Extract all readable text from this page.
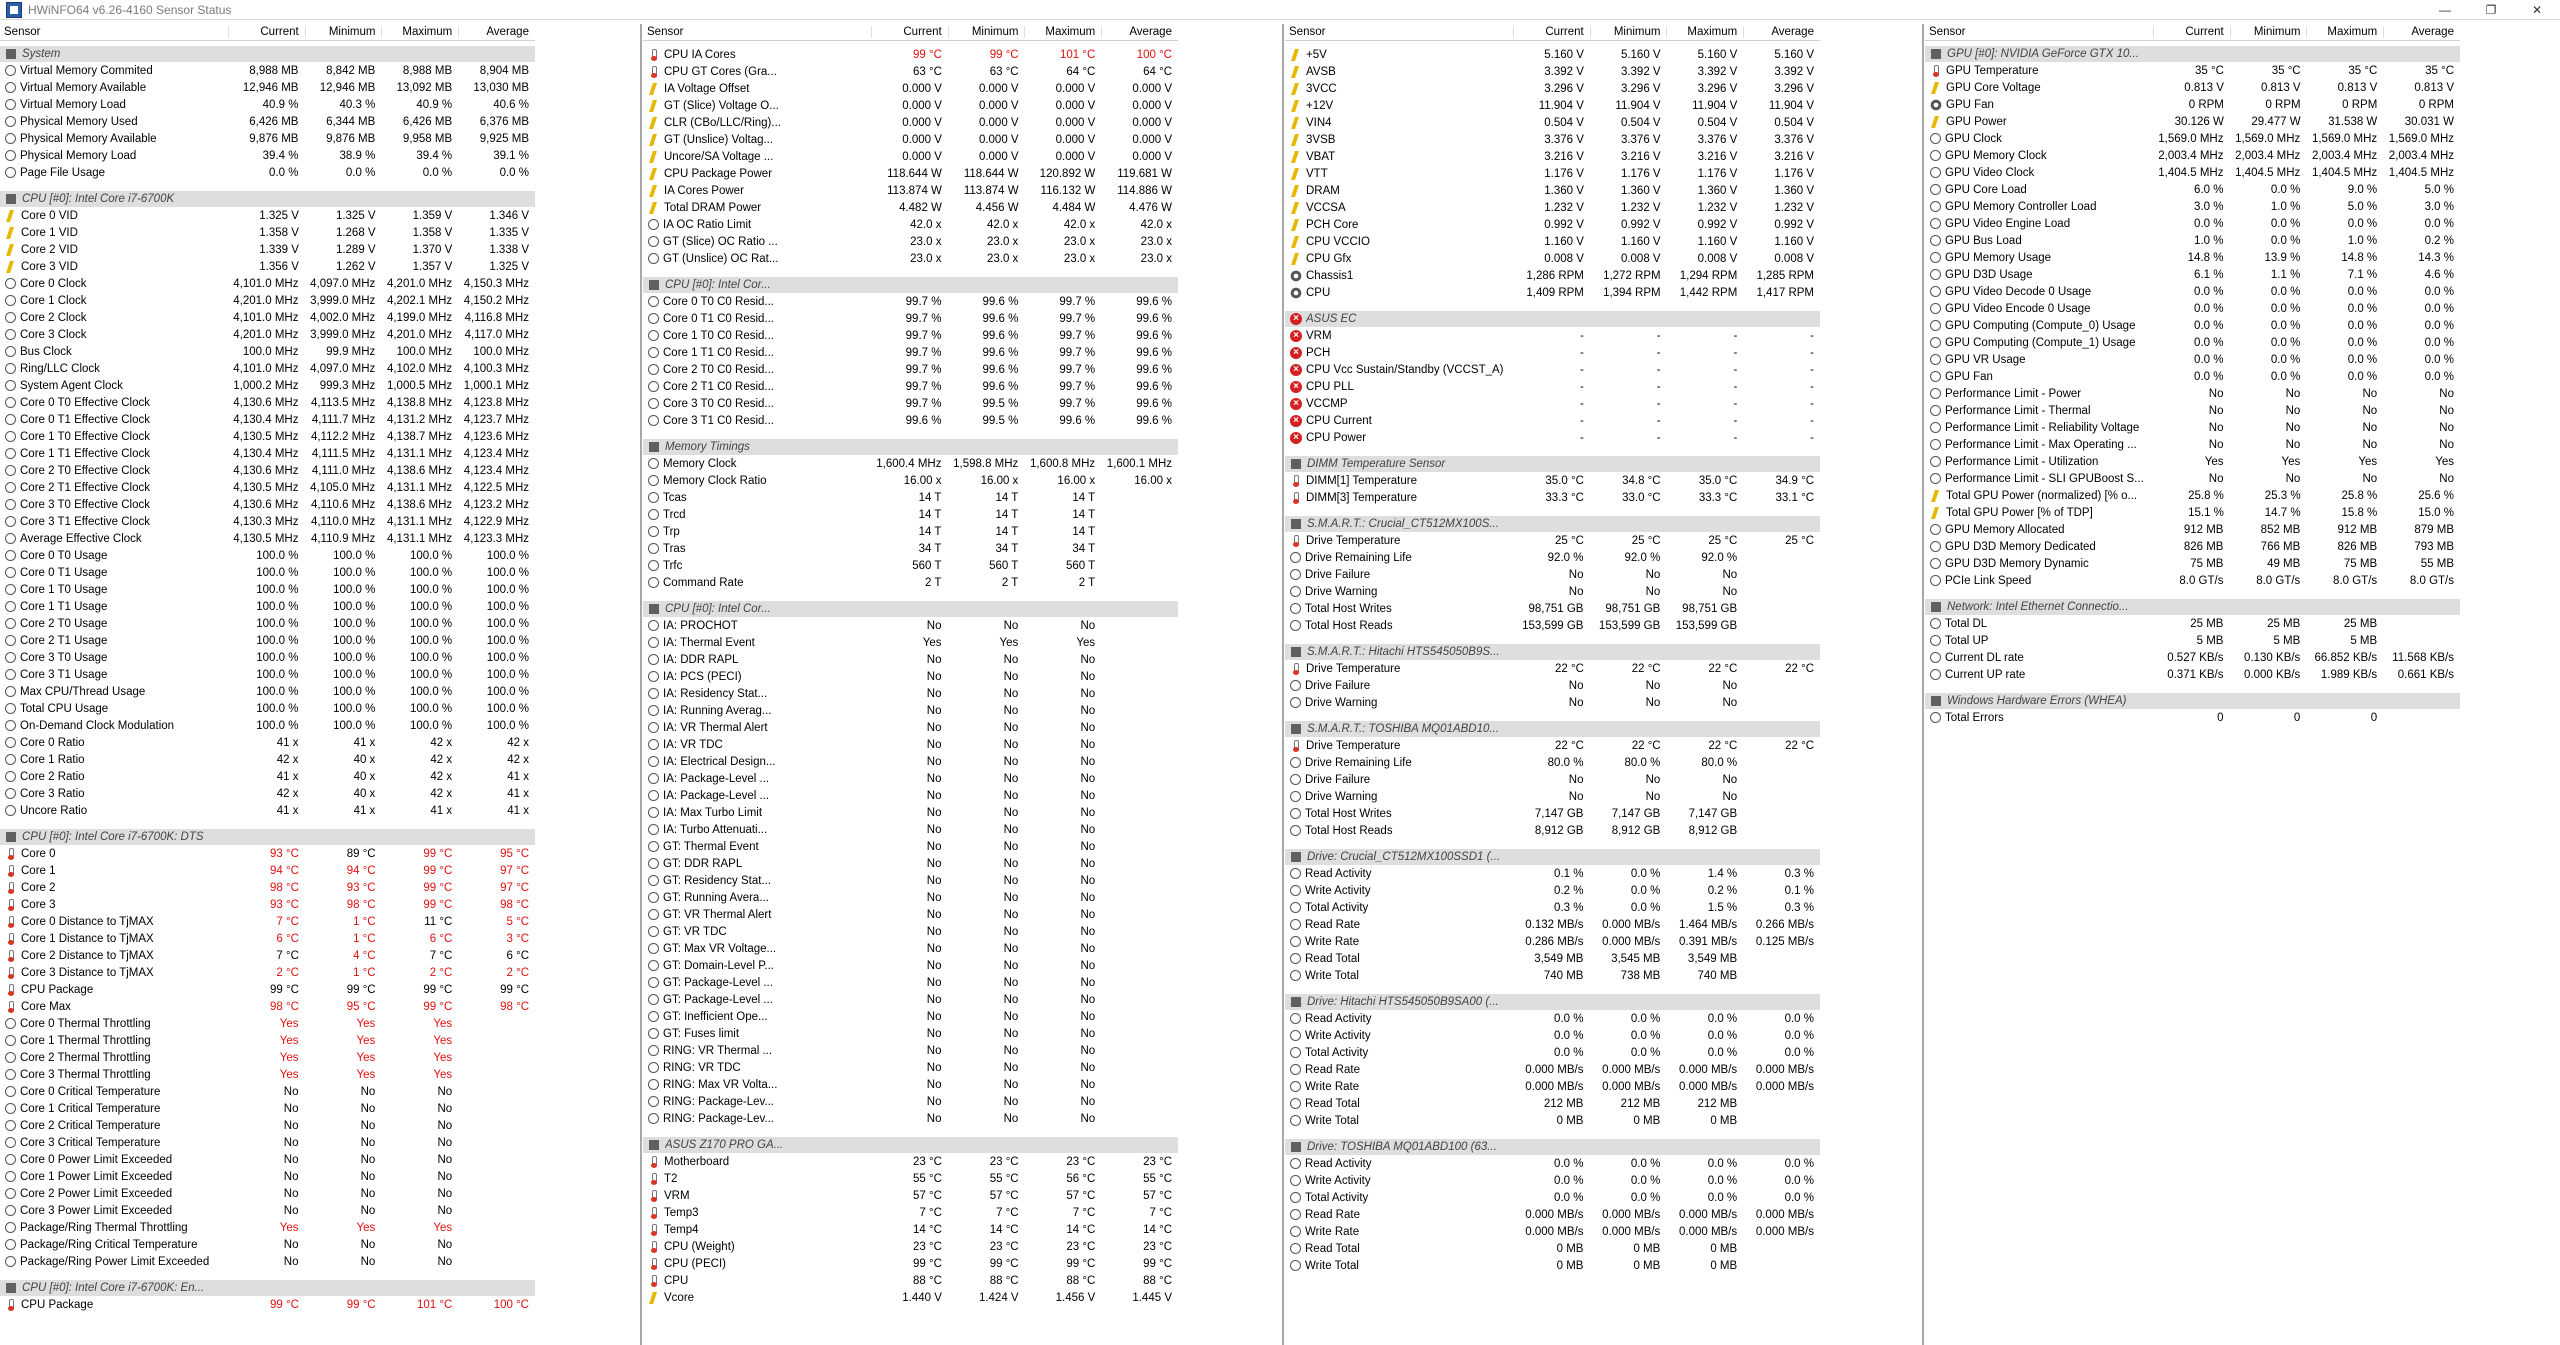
HWiNFO64 v6.26-4160 Sensor Status	—	❐	✕
Sensor	Current	Minimum	Maximum	Average
System
Virtual Memory Commited	8,988 MB	8,842 MB	8,988 MB	8,904 MB
Virtual Memory Available	12,946 MB	12,946 MB	13,092 MB	13,030 MB
Virtual Memory Load	40.9 %	40.3 %	40.9 %	40.6 %
Physical Memory Used	6,426 MB	6,344 MB	6,426 MB	6,376 MB
Physical Memory Available	9,876 MB	9,876 MB	9,958 MB	9,925 MB
Physical Memory Load	39.4 %	38.9 %	39.4 %	39.1 %
Page File Usage	0.0 %	0.0 %	0.0 %	0.0 %
CPU [#0]: Intel Core i7-6700K
Core 0 VID	1.325 V	1.325 V	1.359 V	1.346 V
Core 1 VID	1.358 V	1.268 V	1.358 V	1.335 V
Core 2 VID	1.339 V	1.289 V	1.370 V	1.338 V
Core 3 VID	1.356 V	1.262 V	1.357 V	1.325 V
Core 0 Clock	4,101.0 MHz	4,097.0 MHz	4,201.0 MHz	4,150.3 MHz
Core 1 Clock	4,201.0 MHz	3,999.0 MHz	4,202.1 MHz	4,150.2 MHz
Core 2 Clock	4,101.0 MHz	4,002.0 MHz	4,199.0 MHz	4,116.8 MHz
Core 3 Clock	4,201.0 MHz	3,999.0 MHz	4,201.0 MHz	4,117.0 MHz
Bus Clock	100.0 MHz	99.9 MHz	100.0 MHz	100.0 MHz
Ring/LLC Clock	4,101.0 MHz	4,097.0 MHz	4,102.0 MHz	4,100.3 MHz
System Agent Clock	1,000.2 MHz	999.3 MHz	1,000.5 MHz	1,000.1 MHz
Core 0 T0 Effective Clock	4,130.6 MHz	4,113.5 MHz	4,138.8 MHz	4,123.8 MHz
Core 0 T1 Effective Clock	4,130.4 MHz	4,111.7 MHz	4,131.2 MHz	4,123.7 MHz
Core 1 T0 Effective Clock	4,130.5 MHz	4,112.2 MHz	4,138.7 MHz	4,123.6 MHz
Core 1 T1 Effective Clock	4,130.4 MHz	4,111.5 MHz	4,131.1 MHz	4,123.4 MHz
Core 2 T0 Effective Clock	4,130.6 MHz	4,111.0 MHz	4,138.6 MHz	4,123.4 MHz
Core 2 T1 Effective Clock	4,130.5 MHz	4,105.0 MHz	4,131.1 MHz	4,122.5 MHz
Core 3 T0 Effective Clock	4,130.6 MHz	4,110.6 MHz	4,138.6 MHz	4,123.2 MHz
Core 3 T1 Effective Clock	4,130.3 MHz	4,110.0 MHz	4,131.1 MHz	4,122.9 MHz
Average Effective Clock	4,130.5 MHz	4,110.9 MHz	4,131.1 MHz	4,123.3 MHz
Core 0 T0 Usage	100.0 %	100.0 %	100.0 %	100.0 %
Core 0 T1 Usage	100.0 %	100.0 %	100.0 %	100.0 %
Core 1 T0 Usage	100.0 %	100.0 %	100.0 %	100.0 %
Core 1 T1 Usage	100.0 %	100.0 %	100.0 %	100.0 %
Core 2 T0 Usage	100.0 %	100.0 %	100.0 %	100.0 %
Core 2 T1 Usage	100.0 %	100.0 %	100.0 %	100.0 %
Core 3 T0 Usage	100.0 %	100.0 %	100.0 %	100.0 %
Core 3 T1 Usage	100.0 %	100.0 %	100.0 %	100.0 %
Max CPU/Thread Usage	100.0 %	100.0 %	100.0 %	100.0 %
Total CPU Usage	100.0 %	100.0 %	100.0 %	100.0 %
On-Demand Clock Modulation	100.0 %	100.0 %	100.0 %	100.0 %
Core 0 Ratio	41 x	41 x	42 x	42 x
Core 1 Ratio	42 x	40 x	42 x	42 x
Core 2 Ratio	41 x	40 x	42 x	41 x
Core 3 Ratio	42 x	40 x	42 x	41 x
Uncore Ratio	41 x	41 x	41 x	41 x
CPU [#0]: Intel Core i7-6700K: DTS
Core 0	93 °C	89 °C	99 °C	95 °C
Core 1	94 °C	94 °C	99 °C	97 °C
Core 2	98 °C	93 °C	99 °C	97 °C
Core 3	93 °C	98 °C	99 °C	98 °C
Core 0 Distance to TjMAX	7 °C	1 °C	11 °C	5 °C
Core 1 Distance to TjMAX	6 °C	1 °C	6 °C	3 °C
Core 2 Distance to TjMAX	7 °C	4 °C	7 °C	6 °C
Core 3 Distance to TjMAX	2 °C	1 °C	2 °C	2 °C
CPU Package	99 °C	99 °C	99 °C	99 °C
Core Max	98 °C	95 °C	99 °C	98 °C
Core 0 Thermal Throttling	Yes	Yes	Yes
Core 1 Thermal Throttling	Yes	Yes	Yes
Core 2 Thermal Throttling	Yes	Yes	Yes
Core 3 Thermal Throttling	Yes	Yes	Yes
Core 0 Critical Temperature	No	No	No
Core 1 Critical Temperature	No	No	No
Core 2 Critical Temperature	No	No	No
Core 3 Critical Temperature	No	No	No
Core 0 Power Limit Exceeded	No	No	No
Core 1 Power Limit Exceeded	No	No	No
Core 2 Power Limit Exceeded	No	No	No
Core 3 Power Limit Exceeded	No	No	No
Package/Ring Thermal Throttling	Yes	Yes	Yes
Package/Ring Critical Temperature	No	No	No
Package/Ring Power Limit Exceeded	No	No	No
CPU [#0]: Intel Core i7-6700K: En...
CPU Package	99 °C	99 °C	101 °C	100 °C
Sensor	Current	Minimum	Maximum	Average
CPU IA Cores	99 °C	99 °C	101 °C	100 °C
CPU GT Cores (Gra...	63 °C	63 °C	64 °C	64 °C
IA Voltage Offset	0.000 V	0.000 V	0.000 V	0.000 V
GT (Slice) Voltage O...	0.000 V	0.000 V	0.000 V	0.000 V
CLR (CBo/LLC/Ring)...	0.000 V	0.000 V	0.000 V	0.000 V
GT (Unslice) Voltag...	0.000 V	0.000 V	0.000 V	0.000 V
Uncore/SA Voltage ...	0.000 V	0.000 V	0.000 V	0.000 V
CPU Package Power	118.644 W	118.644 W	120.892 W	119.681 W
IA Cores Power	113.874 W	113.874 W	116.132 W	114.886 W
Total DRAM Power	4.482 W	4.456 W	4.484 W	4.476 W
IA OC Ratio Limit	42.0 x	42.0 x	42.0 x	42.0 x
GT (Slice) OC Ratio ...	23.0 x	23.0 x	23.0 x	23.0 x
GT (Unslice) OC Rat...	23.0 x	23.0 x	23.0 x	23.0 x
CPU [#0]: Intel Cor...
Core 0 T0 C0 Resid...	99.7 %	99.6 %	99.7 %	99.6 %
Core 0 T1 C0 Resid...	99.7 %	99.6 %	99.7 %	99.6 %
Core 1 T0 C0 Resid...	99.7 %	99.6 %	99.7 %	99.6 %
Core 1 T1 C0 Resid...	99.7 %	99.6 %	99.7 %	99.6 %
Core 2 T0 C0 Resid...	99.7 %	99.6 %	99.7 %	99.6 %
Core 2 T1 C0 Resid...	99.7 %	99.6 %	99.7 %	99.6 %
Core 3 T0 C0 Resid...	99.7 %	99.5 %	99.7 %	99.6 %
Core 3 T1 C0 Resid...	99.6 %	99.5 %	99.6 %	99.6 %
Memory Timings
Memory Clock	1,600.4 MHz	1,598.8 MHz	1,600.8 MHz	1,600.1 MHz
Memory Clock Ratio	16.00 x	16.00 x	16.00 x	16.00 x
Tcas	14 T	14 T	14 T
Trcd	14 T	14 T	14 T
Trp	14 T	14 T	14 T
Tras	34 T	34 T	34 T
Trfc	560 T	560 T	560 T
Command Rate	2 T	2 T	2 T
CPU [#0]: Intel Cor...
IA: PROCHOT	No	No	No
IA: Thermal Event	Yes	Yes	Yes
IA: DDR RAPL	No	No	No
IA: PCS (PECI)	No	No	No
IA: Residency Stat...	No	No	No
IA: Running Averag...	No	No	No
IA: VR Thermal Alert	No	No	No
IA: VR TDC	No	No	No
IA: Electrical Design...	No	No	No
IA: Package-Level ...	No	No	No
IA: Package-Level ...	No	No	No
IA: Max Turbo Limit	No	No	No
IA: Turbo Attenuati...	No	No	No
GT: Thermal Event	No	No	No
GT: DDR RAPL	No	No	No
GT: Residency Stat...	No	No	No
GT: Running Avera...	No	No	No
GT: VR Thermal Alert	No	No	No
GT: VR TDC	No	No	No
GT: Max VR Voltage...	No	No	No
GT: Domain-Level P...	No	No	No
GT: Package-Level ...	No	No	No
GT: Package-Level ...	No	No	No
GT: Inefficient Ope...	No	No	No
GT: Fuses limit	No	No	No
RING: VR Thermal ...	No	No	No
RING: VR TDC	No	No	No
RING: Max VR Volta...	No	No	No
RING: Package-Lev...	No	No	No
RING: Package-Lev...	No	No	No
ASUS Z170 PRO GA...
Motherboard	23 °C	23 °C	23 °C	23 °C
T2	55 °C	55 °C	56 °C	55 °C
VRM	57 °C	57 °C	57 °C	57 °C
Temp3	7 °C	7 °C	7 °C	7 °C
Temp4	14 °C	14 °C	14 °C	14 °C
CPU (Weight)	23 °C	23 °C	23 °C	23 °C
CPU (PECI)	99 °C	99 °C	99 °C	99 °C
CPU	88 °C	88 °C	88 °C	88 °C
Vcore	1.440 V	1.424 V	1.456 V	1.445 V
Sensor	Current	Minimum	Maximum	Average
+5V	5.160 V	5.160 V	5.160 V	5.160 V
AVSB	3.392 V	3.392 V	3.392 V	3.392 V
3VCC	3.296 V	3.296 V	3.296 V	3.296 V
+12V	11.904 V	11.904 V	11.904 V	11.904 V
VIN4	0.504 V	0.504 V	0.504 V	0.504 V
3VSB	3.376 V	3.376 V	3.376 V	3.376 V
VBAT	3.216 V	3.216 V	3.216 V	3.216 V
VTT	1.176 V	1.176 V	1.176 V	1.176 V
DRAM	1.360 V	1.360 V	1.360 V	1.360 V
VCCSA	1.232 V	1.232 V	1.232 V	1.232 V
PCH Core	0.992 V	0.992 V	0.992 V	0.992 V
CPU VCCIO	1.160 V	1.160 V	1.160 V	1.160 V
CPU Gfx	0.008 V	0.008 V	0.008 V	0.008 V
Chassis1	1,286 RPM	1,272 RPM	1,294 RPM	1,285 RPM
CPU	1,409 RPM	1,394 RPM	1,442 RPM	1,417 RPM
× ASUS EC
× VRM	-	-	-	-
× PCH	-	-	-	-
× CPU Vcc Sustain/Standby (VCCST_A)	-	-	-	-
× CPU PLL	-	-	-	-
× VCCMP	-	-	-	-
× CPU Current	-	-	-	-
× CPU Power	-	-	-	-
DIMM Temperature Sensor
DIMM[1] Temperature	35.0 °C	34.8 °C	35.0 °C	34.9 °C
DIMM[3] Temperature	33.3 °C	33.0 °C	33.3 °C	33.1 °C
S.M.A.R.T.: Crucial_CT512MX100S...
Drive Temperature	25 °C	25 °C	25 °C	25 °C
Drive Remaining Life	92.0 %	92.0 %	92.0 %
Drive Failure	No	No	No
Drive Warning	No	No	No
Total Host Writes	98,751 GB	98,751 GB	98,751 GB
Total Host Reads	153,599 GB	153,599 GB	153,599 GB
S.M.A.R.T.: Hitachi HTS545050B9S...
Drive Temperature	22 °C	22 °C	22 °C	22 °C
Drive Failure	No	No	No
Drive Warning	No	No	No
S.M.A.R.T.: TOSHIBA MQ01ABD10...
Drive Temperature	22 °C	22 °C	22 °C	22 °C
Drive Remaining Life	80.0 %	80.0 %	80.0 %
Drive Failure	No	No	No
Drive Warning	No	No	No
Total Host Writes	7,147 GB	7,147 GB	7,147 GB
Total Host Reads	8,912 GB	8,912 GB	8,912 GB
Drive: Crucial_CT512MX100SSD1 (...
Read Activity	0.1 %	0.0 %	1.4 %	0.3 %
Write Activity	0.2 %	0.0 %	0.2 %	0.1 %
Total Activity	0.3 %	0.0 %	1.5 %	0.3 %
Read Rate	0.132 MB/s	0.000 MB/s	1.464 MB/s	0.266 MB/s
Write Rate	0.286 MB/s	0.000 MB/s	0.391 MB/s	0.125 MB/s
Read Total	3,549 MB	3,545 MB	3,549 MB
Write Total	740 MB	738 MB	740 MB
Drive: Hitachi HTS545050B9SA00 (...
Read Activity	0.0 %	0.0 %	0.0 %	0.0 %
Write Activity	0.0 %	0.0 %	0.0 %	0.0 %
Total Activity	0.0 %	0.0 %	0.0 %	0.0 %
Read Rate	0.000 MB/s	0.000 MB/s	0.000 MB/s	0.000 MB/s
Write Rate	0.000 MB/s	0.000 MB/s	0.000 MB/s	0.000 MB/s
Read Total	212 MB	212 MB	212 MB
Write Total	0 MB	0 MB	0 MB
Drive: TOSHIBA MQ01ABD100 (63...
Read Activity	0.0 %	0.0 %	0.0 %	0.0 %
Write Activity	0.0 %	0.0 %	0.0 %	0.0 %
Total Activity	0.0 %	0.0 %	0.0 %	0.0 %
Read Rate	0.000 MB/s	0.000 MB/s	0.000 MB/s	0.000 MB/s
Write Rate	0.000 MB/s	0.000 MB/s	0.000 MB/s	0.000 MB/s
Read Total	0 MB	0 MB	0 MB
Write Total	0 MB	0 MB	0 MB
Sensor	Current	Minimum	Maximum	Average
GPU [#0]: NVIDIA GeForce GTX 10...
GPU Temperature	35 °C	35 °C	35 °C	35 °C
GPU Core Voltage	0.813 V	0.813 V	0.813 V	0.813 V
GPU Fan	0 RPM	0 RPM	0 RPM	0 RPM
GPU Power	30.126 W	29.477 W	31.538 W	30.031 W
GPU Clock	1,569.0 MHz	1,569.0 MHz	1,569.0 MHz	1,569.0 MHz
GPU Memory Clock	2,003.4 MHz	2,003.4 MHz	2,003.4 MHz	2,003.4 MHz
GPU Video Clock	1,404.5 MHz	1,404.5 MHz	1,404.5 MHz	1,404.5 MHz
GPU Core Load	6.0 %	0.0 %	9.0 %	5.0 %
GPU Memory Controller Load	3.0 %	1.0 %	5.0 %	3.0 %
GPU Video Engine Load	0.0 %	0.0 %	0.0 %	0.0 %
GPU Bus Load	1.0 %	0.0 %	1.0 %	0.2 %
GPU Memory Usage	14.8 %	13.9 %	14.8 %	14.3 %
GPU D3D Usage	6.1 %	1.1 %	7.1 %	4.6 %
GPU Video Decode 0 Usage	0.0 %	0.0 %	0.0 %	0.0 %
GPU Video Encode 0 Usage	0.0 %	0.0 %	0.0 %	0.0 %
GPU Computing (Compute_0) Usage	0.0 %	0.0 %	0.0 %	0.0 %
GPU Computing (Compute_1) Usage	0.0 %	0.0 %	0.0 %	0.0 %
GPU VR Usage	0.0 %	0.0 %	0.0 %	0.0 %
GPU Fan	0.0 %	0.0 %	0.0 %	0.0 %
Performance Limit - Power	No	No	No	No
Performance Limit - Thermal	No	No	No	No
Performance Limit - Reliability Voltage	No	No	No	No
Performance Limit - Max Operating ...	No	No	No	No
Performance Limit - Utilization	Yes	Yes	Yes	Yes
Performance Limit - SLI GPUBoost S...	No	No	No	No
Total GPU Power (normalized) [% o...	25.8 %	25.3 %	25.8 %	25.6 %
Total GPU Power [% of TDP]	15.1 %	14.7 %	15.8 %	15.0 %
GPU Memory Allocated	912 MB	852 MB	912 MB	879 MB
GPU D3D Memory Dedicated	826 MB	766 MB	826 MB	793 MB
GPU D3D Memory Dynamic	75 MB	49 MB	75 MB	55 MB
PCIe Link Speed	8.0 GT/s	8.0 GT/s	8.0 GT/s	8.0 GT/s
Network: Intel Ethernet Connectio...
Total DL	25 MB	25 MB	25 MB
Total UP	5 MB	5 MB	5 MB
Current DL rate	0.527 KB/s	0.130 KB/s	66.852 KB/s	11.568 KB/s
Current UP rate	0.371 KB/s	0.000 KB/s	1.989 KB/s	0.661 KB/s
Windows Hardware Errors (WHEA)
Total Errors	0	0	0
